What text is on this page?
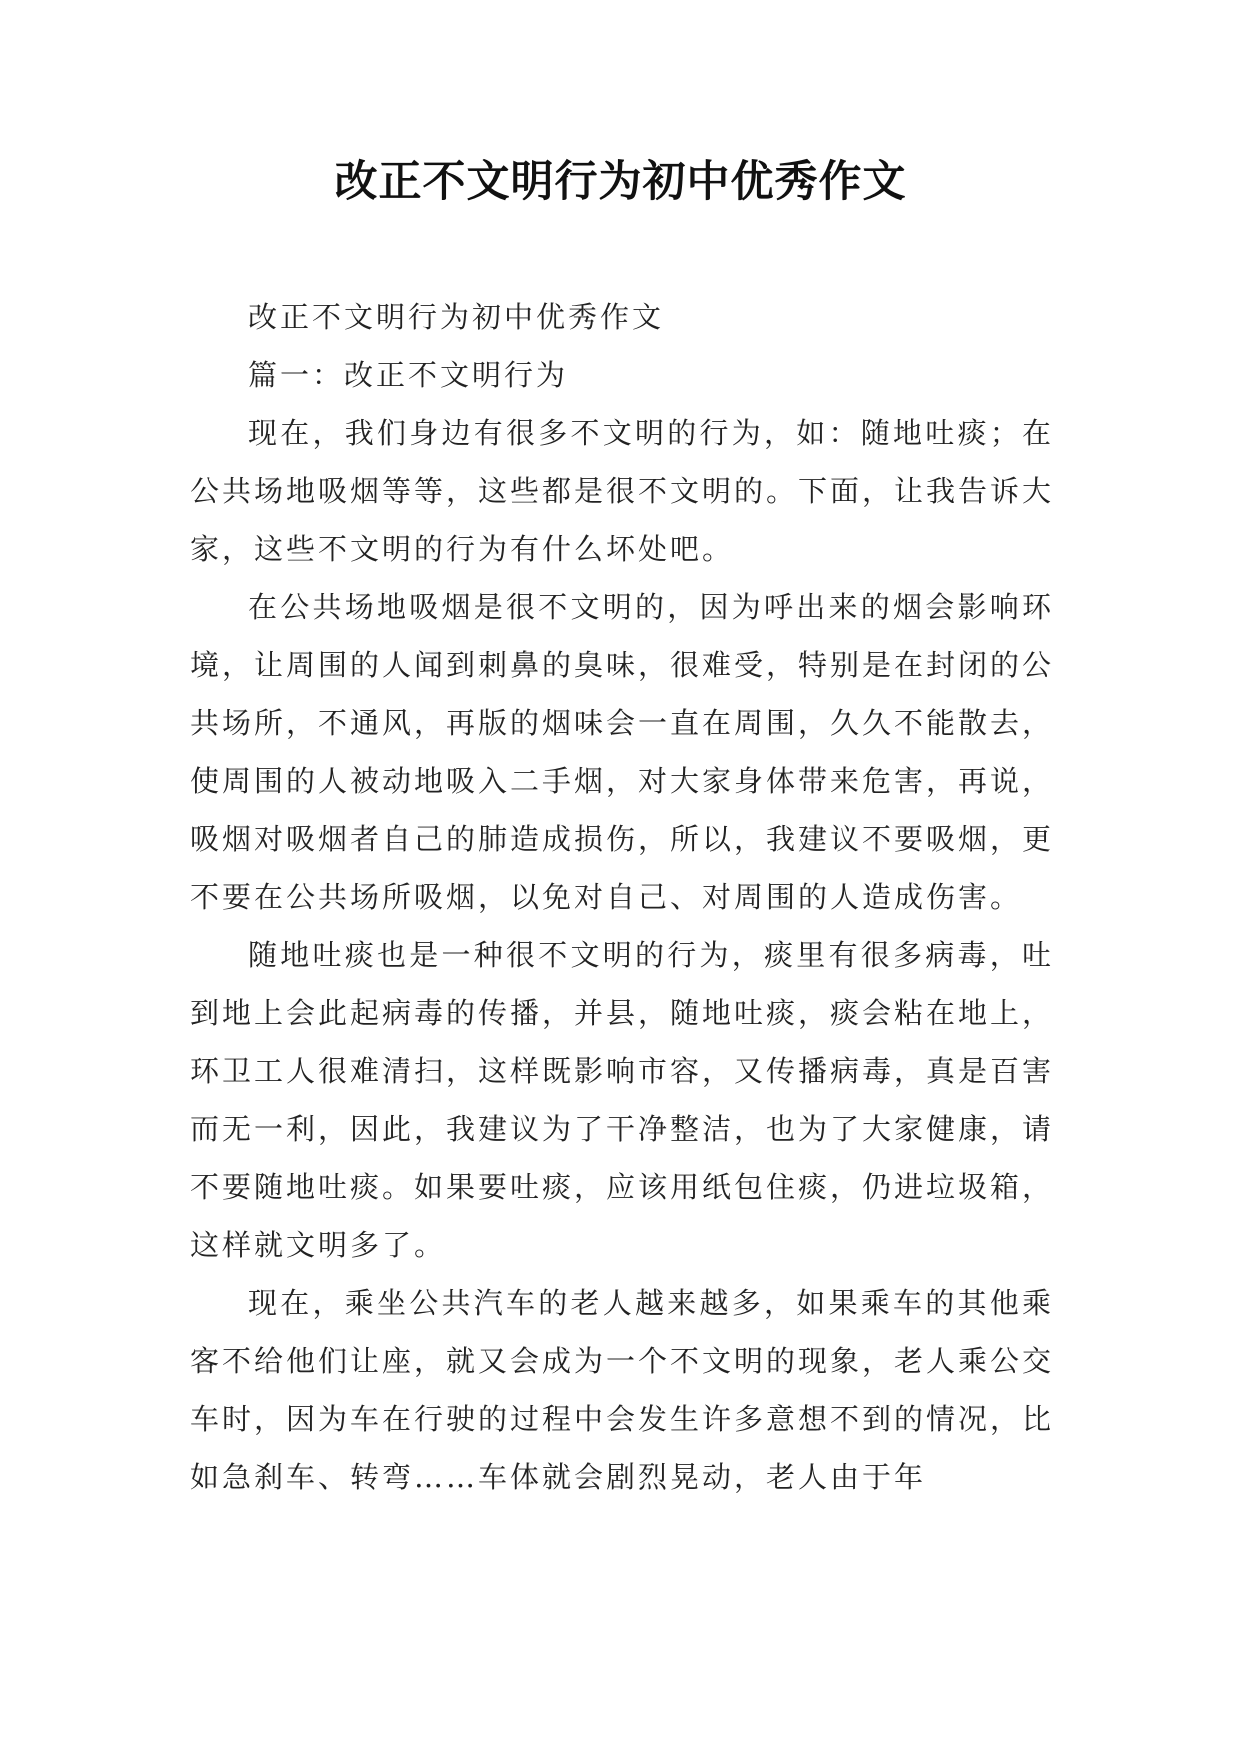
改正不文明行为初中优秀作文

改正不文明行为初中优秀作文

篇一：改正不文明行为

现在，我们身边有很多不文明的行为，如：随地吐痰；在公共场地吸烟等等，这些都是很不文明的。下面，让我告诉大家，这些不文明的行为有什么坏处吧。

在公共场地吸烟是很不文明的，因为呼出来的烟会影响环境，让周围的人闻到刺鼻的臭味，很难受，特别是在封闭的公共场所，不通风，再版的烟味会一直在周围，久久不能散去，使周围的人被动地吸入二手烟，对大家身体带来危害，再说，吸烟对吸烟者自己的肺造成损伤，所以，我建议不要吸烟，更不要在公共场所吸烟，以免对自己、对周围的人造成伤害。

随地吐痰也是一种很不文明的行为，痰里有很多病毒，吐到地上会此起病毒的传播，并县，随地吐痰，痰会粘在地上，环卫工人很难清扫，这样既影响市容，又传播病毒，真是百害而无一利，因此，我建议为了干净整洁，也为了大家健康，请不要随地吐痰。如果要吐痰，应该用纸包住痰，仍进垃圾箱，这样就文明多了。

现在，乘坐公共汽车的老人越来越多，如果乘车的其他乘客不给他们让座，就又会成为一个不文明的现象，老人乘公交车时，因为车在行驶的过程中会发生许多意想不到的情况，比如急刹车、转弯……车体就会剧烈晃动，老人由于年
